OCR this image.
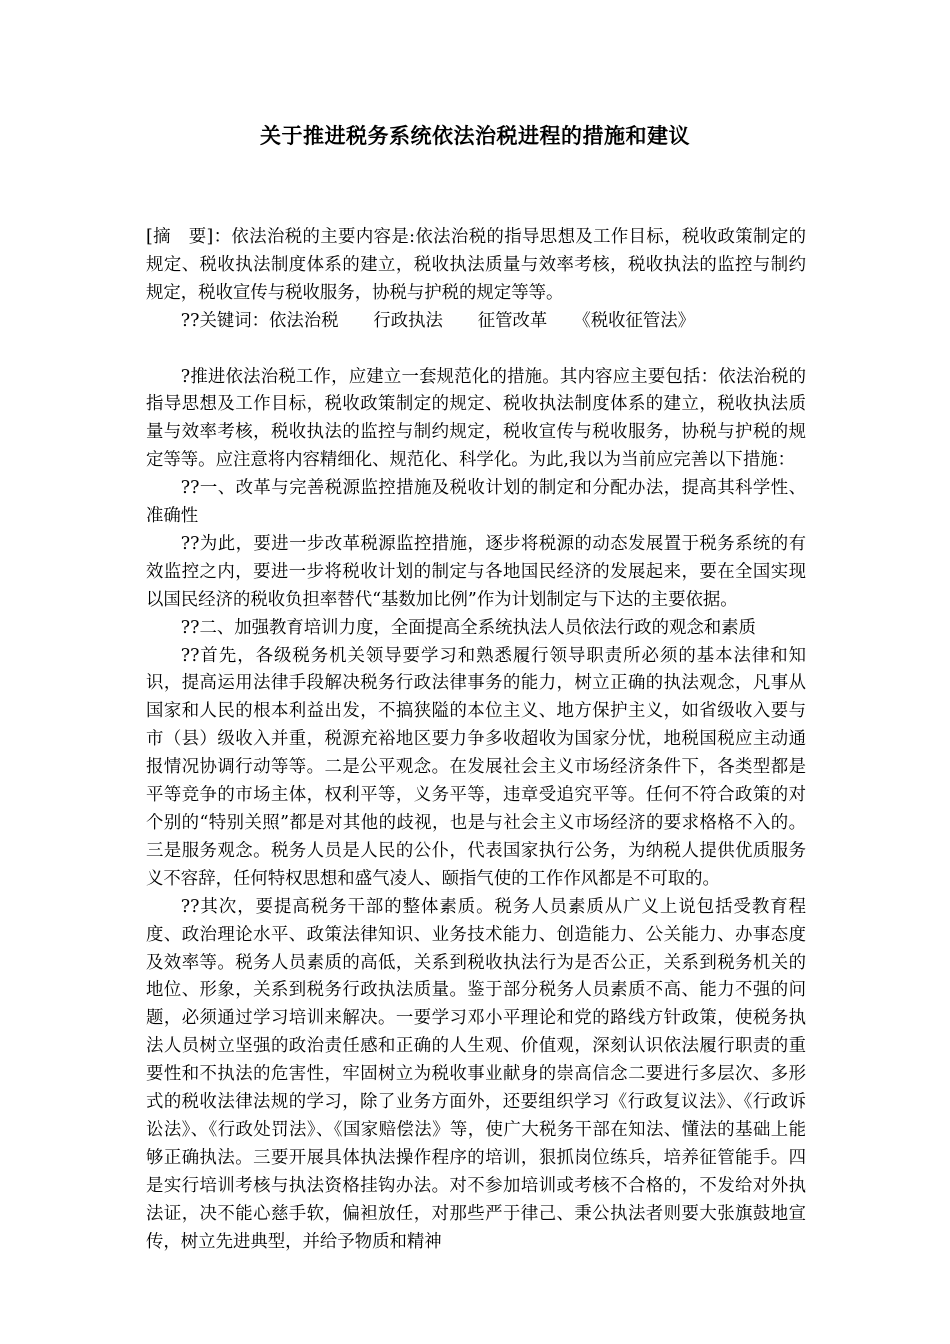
关于推进税务系统依法治税进程的措施和建议

[摘　要]：依法治税的主要内容是:依法治税的指导思想及工作目标，税收政策制定的规定、税收执法制度体系的建立，税收执法质量与效率考核，税收执法的监控与制约规定，税收宣传与税收服务，协税与护税的规定等等。

??关键词：依法治税　　行政执法　　征管改革　　《税收征管法》

?推进依法治税工作，应建立一套规范化的措施。其内容应主要包括：依法治税的指导思想及工作目标，税收政策制定的规定、税收执法制度体系的建立，税收执法质量与效率考核，税收执法的监控与制约规定，税收宣传与税收服务，协税与护税的规定等等。应注意将内容精细化、规范化、科学化。为此,我以为当前应完善以下措施：

??一、改革与完善税源监控措施及税收计划的制定和分配办法，提高其科学性、准确性

??为此，要进一步改革税源监控措施，逐步将税源的动态发展置于税务系统的有效监控之内，要进一步将税收计划的制定与各地国民经济的发展起来，要在全国实现以国民经济的税收负担率替代“基数加比例”作为计划制定与下达的主要依据。

??二、加强教育培训力度，全面提高全系统执法人员依法行政的观念和素质

??首先，各级税务机关领导要学习和熟悉履行领导职责所必须的基本法律和知识，提高运用法律手段解决税务行政法律事务的能力，树立正确的执法观念，凡事从国家和人民的根本利益出发，不搞狭隘的本位主义、地方保护主义，如省级收入要与市（县）级收入并重，税源充裕地区要力争多收超收为国家分忧，地税国税应主动通报情况协调行动等等。二是公平观念。在发展社会主义市场经济条件下，各类型都是平等竞争的市场主体，权利平等，义务平等，违章受追究平等。任何不符合政策的对个别的“特别关照”都是对其他的歧视，也是与社会主义市场经济的要求格格不入的。三是服务观念。税务人员是人民的公仆，代表国家执行公务，为纳税人提供优质服务义不容辞，任何特权思想和盛气凌人、颐指气使的工作作风都是不可取的。

??其次，要提高税务干部的整体素质。税务人员素质从广义上说包括受教育程度、政治理论水平、政策法律知识、业务技术能力、创造能力、公关能力、办事态度及效率等。税务人员素质的高低，关系到税收执法行为是否公正，关系到税务机关的地位、形象，关系到税务行政执法质量。鉴于部分税务人员素质不高、能力不强的问题，必须通过学习培训来解决。一要学习邓小平理论和党的路线方针政策，使税务执法人员树立坚强的政治责任感和正确的人生观、价值观，深刻认识依法履行职责的重要性和不执法的危害性，牢固树立为税收事业献身的崇高信念二要进行多层次、多形式的税收法律法规的学习，除了业务方面外，还要组织学习《行政复议法》、《行政诉讼法》、《行政处罚法》、《国家赔偿法》等，使广大税务干部在知法、懂法的基础上能够正确执法。三要开展具体执法操作程序的培训，狠抓岗位练兵，培养征管能手。四是实行培训考核与执法资格挂钩办法。对不参加培训或考核不合格的，不发给对外执法证，决不能心慈手软，偏袒放任，对那些严于律己、秉公执法者则要大张旗鼓地宣传，树立先进典型，并给予物质和精神
